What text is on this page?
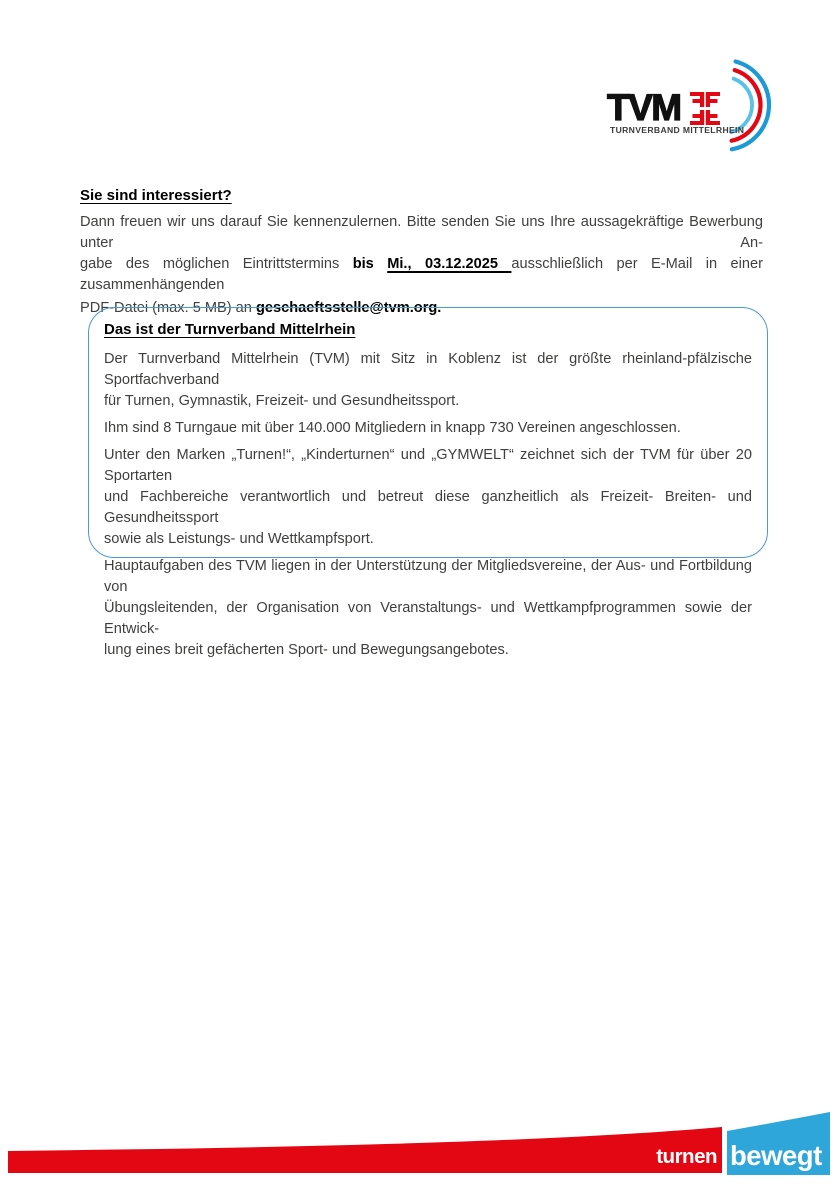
TVM
TURNVERBAND MITTELRHEIN
Sie sind interessiert?
Dann freuen wir uns darauf Sie kennenzulernen. Bitte senden Sie uns Ihre aussagekräftige Bewerbung unter An-
gabe des möglichen Eintrittstermins bis Mi., 03.12.2025 ausschließlich per E-Mail in einer zusammenhängenden
PDF-Datei (max. 5 MB) an geschaeftsstelle@tvm.org.
Das ist der Turnverband Mittelrhein
Der Turnverband Mittelrhein (TVM) mit Sitz in Koblenz ist der größte rheinland-pfälzische Sportfachverband
für Turnen, Gymnastik, Freizeit- und Gesundheitssport.
Ihm sind 8 Turngaue mit über 140.000 Mitgliedern in knapp 730 Vereinen angeschlossen.
Unter den Marken „Turnen!“, „Kinderturnen“ und „GYMWELT“ zeichnet sich der TVM für über 20 Sportarten
und Fachbereiche verantwortlich und betreut diese ganzheitlich als Freizeit- Breiten- und Gesundheitssport
sowie als Leistungs- und Wettkampfsport.
Hauptaufgaben des TVM liegen in der Unterstützung der Mitgliedsvereine, der Aus- und Fortbildung von
Übungsleitenden, der Organisation von Veranstaltungs- und Wettkampfprogrammen sowie der Entwick-
lung eines breit gefächerten Sport- und Bewegungsangebotes.
turnen bewegt
